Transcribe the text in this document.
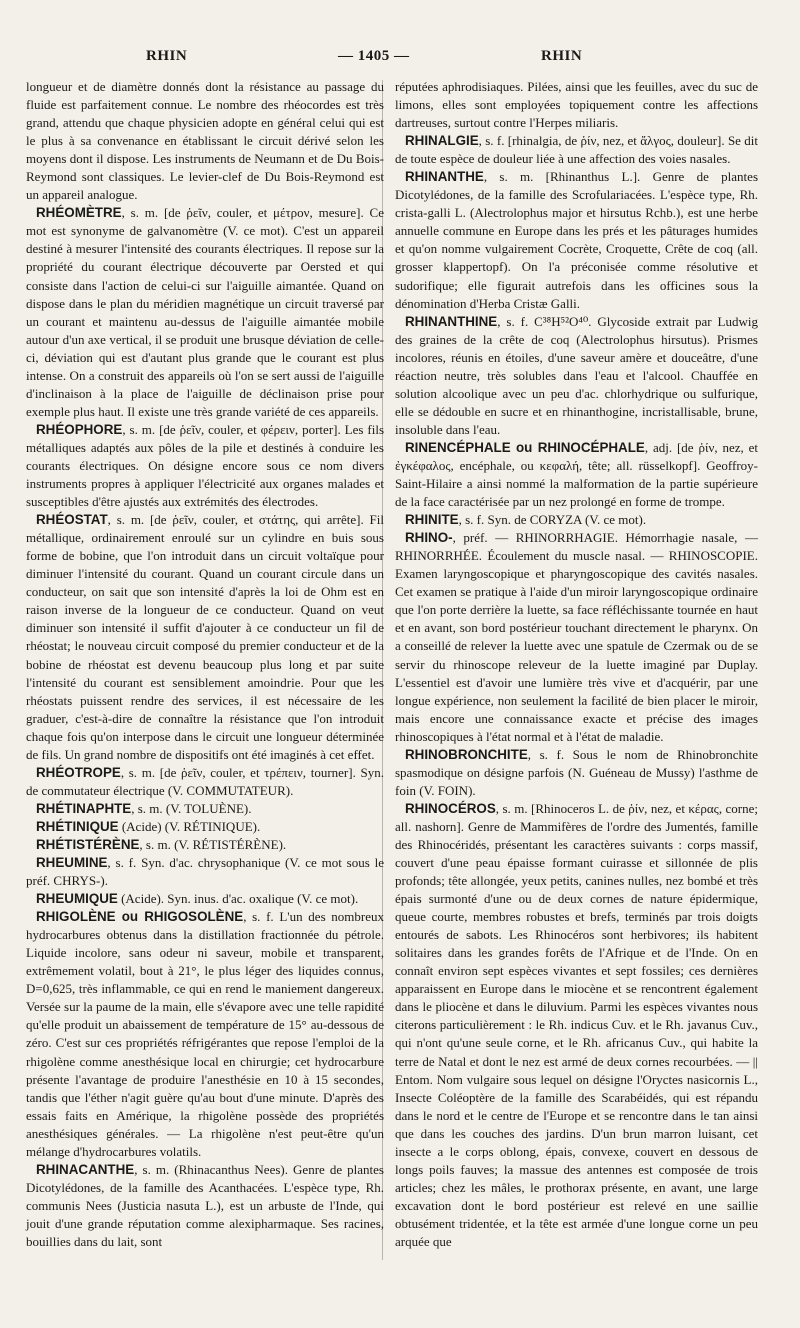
RHIN	— 1405 —	RHIN

longueur et de diamètre donnés dont la résistance au passage du fluide est parfaitement connue. Le nombre des rhéocordes est très grand, attendu que chaque physicien adopte en général celui qui est le plus à sa convenance en établissant le circuit dérivé selon les moyens dont il dispose. Les instruments de Neumann et de Du Bois-Reymond sont classiques. Le levier-clef de Du Bois-Reymond est un appareil analogue.

RHÉOMÈTRE, s. m. [de ῥεῖν, couler, et μέτρον, mesure]. Ce mot est synonyme de galvanomètre (V. ce mot). C'est un appareil destiné à mesurer l'intensité des courants électriques. Il repose sur la propriété du courant électrique découverte par Oersted et qui consiste dans l'action de celui-ci sur l'aiguille aimantée. Quand on dispose dans le plan du méridien magnétique un circuit traversé par un courant et maintenu au-dessus de l'aiguille aimantée mobile autour d'un axe vertical, il se produit une brusque déviation de celle-ci, déviation qui est d'autant plus grande que le courant est plus intense. On a construit des appareils où l'on se sert aussi de l'aiguille d'inclinaison à la place de l'aiguille de déclinaison prise pour exemple plus haut. Il existe une très grande variété de ces appareils.

RHÉOPHORE, s. m. [de ῥεῖν, couler, et φέρειν, porter]. Les fils métalliques adaptés aux pôles de la pile et destinés à conduire les courants électriques. On désigne encore sous ce nom divers instruments propres à appliquer l'électricité aux organes malades et susceptibles d'être ajustés aux extrémités des électrodes.

RHÉOSTAT, s. m. [de ῥεῖν, couler, et στάτης, qui arrête]. Fil métallique, ordinairement enroulé sur un cylindre en buis sous forme de bobine, que l'on introduit dans un circuit voltaïque pour diminuer l'intensité du courant. Quand un courant circule dans un conducteur, on sait que son intensité d'après la loi de Ohm est en raison inverse de la longueur de ce conducteur. Quand on veut diminuer son intensité il suffit d'ajouter à ce conducteur un fil de rhéostat; le nouveau circuit composé du premier conducteur et de la bobine de rhéostat est devenu beaucoup plus long et par suite l'intensité du courant est sensiblement amoindrie. Pour que les rhéostats puissent rendre des services, il est nécessaire de les graduer, c'est-à-dire de connaître la résistance que l'on introduit chaque fois qu'on interpose dans le circuit une longueur déterminée de fils. Un grand nombre de dispositifs ont été imaginés à cet effet.

RHÉOTROPE, s. m. [de ῥεῖν, couler, et τρέπειν, tourner]. Syn. de commutateur électrique (V. COMMUTATEUR).

RHÉTINAPHTE, s. m. (V. TOLUÈNE).

RHÉTINIQUE (Acide) (V. RÉTINIQUE).

RHÉTISTÉRÈNE, s. m. (V. RÉTISTÉRÈNE).

RHEUMINE, s. f. Syn. d'ac. chrysophanique (V. ce mot sous le préf. CHRYS-).

RHEUMIQUE (Acide). Syn. inus. d'ac. oxalique (V. ce mot).

RHIGOLÈNE ou RHIGOSOLÈNE, s. f. L'un des nombreux hydrocarbures obtenus dans la distillation fractionnée du pétrole. Liquide incolore, sans odeur ni saveur, mobile et transparent, extrêmement volatil, bout à 21°, le plus léger des liquides connus, D=0,625, très inflammable, ce qui en rend le maniement dangereux. Versée sur la paume de la main, elle s'évapore avec une telle rapidité qu'elle produit un abaissement de température de 15° au-dessous de zéro. C'est sur ces propriétés réfrigérantes que repose l'emploi de la rhigolène comme anesthésique local en chirurgie; cet hydrocarbure présente l'avantage de produire l'anesthésie en 10 à 15 secondes, tandis que l'éther n'agit guère qu'au bout d'une minute. D'après des essais faits en Amérique, la rhigolène possède des propriétés anesthésiques générales. — La rhigolène n'est peut-être qu'un mélange d'hydrocarbures volatils.

RHINACANTHE, s. m. (Rhinacanthus Nees). Genre de plantes Dicotylédones, de la famille des Acanthacées. L'espèce type, Rh. communis Nees (Justicia nasuta L.), est un arbuste de l'Inde, qui jouit d'une grande réputation comme alexipharmaque. Ses racines, bouillies dans du lait, sont

réputées aphrodisiaques. Pilées, ainsi que les feuilles, avec du suc de limons, elles sont employées topiquement contre les affections dartreuses, surtout contre l'Herpes miliaris.

RHINALGIE, s. f. [rhinalgia, de ῥίν, nez, et ἄλγος, douleur]. Se dit de toute espèce de douleur liée à une affection des voies nasales.

RHINANTHE, s. m. [Rhinanthus L.]. Genre de plantes Dicotylédones, de la famille des Scrofulariacées. L'espèce type, Rh. crista-galli L. (Alectrolophus major et hirsutus Rchb.), est une herbe annuelle commune en Europe dans les prés et les pâturages humides et qu'on nomme vulgairement Cocrète, Croquette, Crête de coq (all. grosser klappertopf). On l'a préconisée comme résolutive et sudorifique; elle figurait autrefois dans les officines sous la dénomination d'Herba Cristæ Galli.

RHINANTHINE, s. f. C³⁸H⁵²O⁴⁰. Glycoside extrait par Ludwig des graines de la crête de coq (Alectrolophus hirsutus). Prismes incolores, réunis en étoiles, d'une saveur amère et douceâtre, d'une réaction neutre, très solubles dans l'eau et l'alcool. Chauffée en solution alcoolique avec un peu d'ac. chlorhydrique ou sulfurique, elle se dédouble en sucre et en rhinanthogine, incristallisable, brune, insoluble dans l'eau.

RINENCÉPHALE ou RHINOCÉPHALE, adj. [de ῥίν, nez, et ἐγκέφαλος, encéphale, ou κεφαλή, tête; all. rüsselkopf]. Geoffroy-Saint-Hilaire a ainsi nommé la malformation de la partie supérieure de la face caractérisée par un nez prolongé en forme de trompe.

RHINITE, s. f. Syn. de CORYZA (V. ce mot).

RHINO-, préf. — RHINORRHAGIE. Hémorrhagie nasale, — RHINORRHÉE. Écoulement du muscle nasal. — RHINOSCOPIE. Examen laryngoscopique et pharyngoscopique des cavités nasales. Cet examen se pratique à l'aide d'un miroir laryngoscopique ordinaire que l'on porte derrière la luette, sa face réfléchissante tournée en haut et en avant, son bord postérieur touchant directement le pharynx. On a conseillé de relever la luette avec une spatule de Czermak ou de se servir du rhinoscope releveur de la luette imaginé par Duplay. L'essentiel est d'avoir une lumière très vive et d'acquérir, par une longue expérience, non seulement la facilité de bien placer le miroir, mais encore une connaissance exacte et précise des images rhinoscopiques à l'état normal et à l'état de maladie.

RHINOBRONCHITE, s. f. Sous le nom de Rhinobronchite spasmodique on désigne parfois (N. Guéneau de Mussy) l'asthme de foin (V. FOIN).

RHINOCÉROS, s. m. [Rhinoceros L. de ῥίν, nez, et κέρας, corne; all. nashorn]. Genre de Mammifères de l'ordre des Jumentés, famille des Rhinocéridés, présentant les caractères suivants : corps massif, couvert d'une peau épaisse formant cuirasse et sillonnée de plis profonds; tête allongée, yeux petits, canines nulles, nez bombé et très épais surmonté d'une ou de deux cornes de nature épidermique, queue courte, membres robustes et brefs, terminés par trois doigts entourés de sabots. Les Rhinocéros sont herbivores; ils habitent solitaires dans les grandes forêts de l'Afrique et de l'Inde. On en connaît environ sept espèces vivantes et sept fossiles; ces dernières apparaissent en Europe dans le miocène et se rencontrent également dans le pliocène et dans le diluvium. Parmi les espèces vivantes nous citerons particulièrement : le Rh. indicus Cuv. et le Rh. javanus Cuv., qui n'ont qu'une seule corne, et le Rh. africanus Cuv., qui habite la terre de Natal et dont le nez est armé de deux cornes recourbées. — || Entom. Nom vulgaire sous lequel on désigne l'Oryctes nasicornis L., Insecte Coléoptère de la famille des Scarabéidés, qui est répandu dans le nord et le centre de l'Europe et se rencontre dans le tan ainsi que dans les couches des jardins. D'un brun marron luisant, cet insecte a le corps oblong, épais, convexe, couvert en dessous de longs poils fauves; la massue des antennes est composée de trois articles; chez les mâles, le prothorax présente, en avant, une large excavation dont le bord postérieur est relevé en une saillie obtusément tridentée, et la tête est armée d'une longue corne un peu arquée que
